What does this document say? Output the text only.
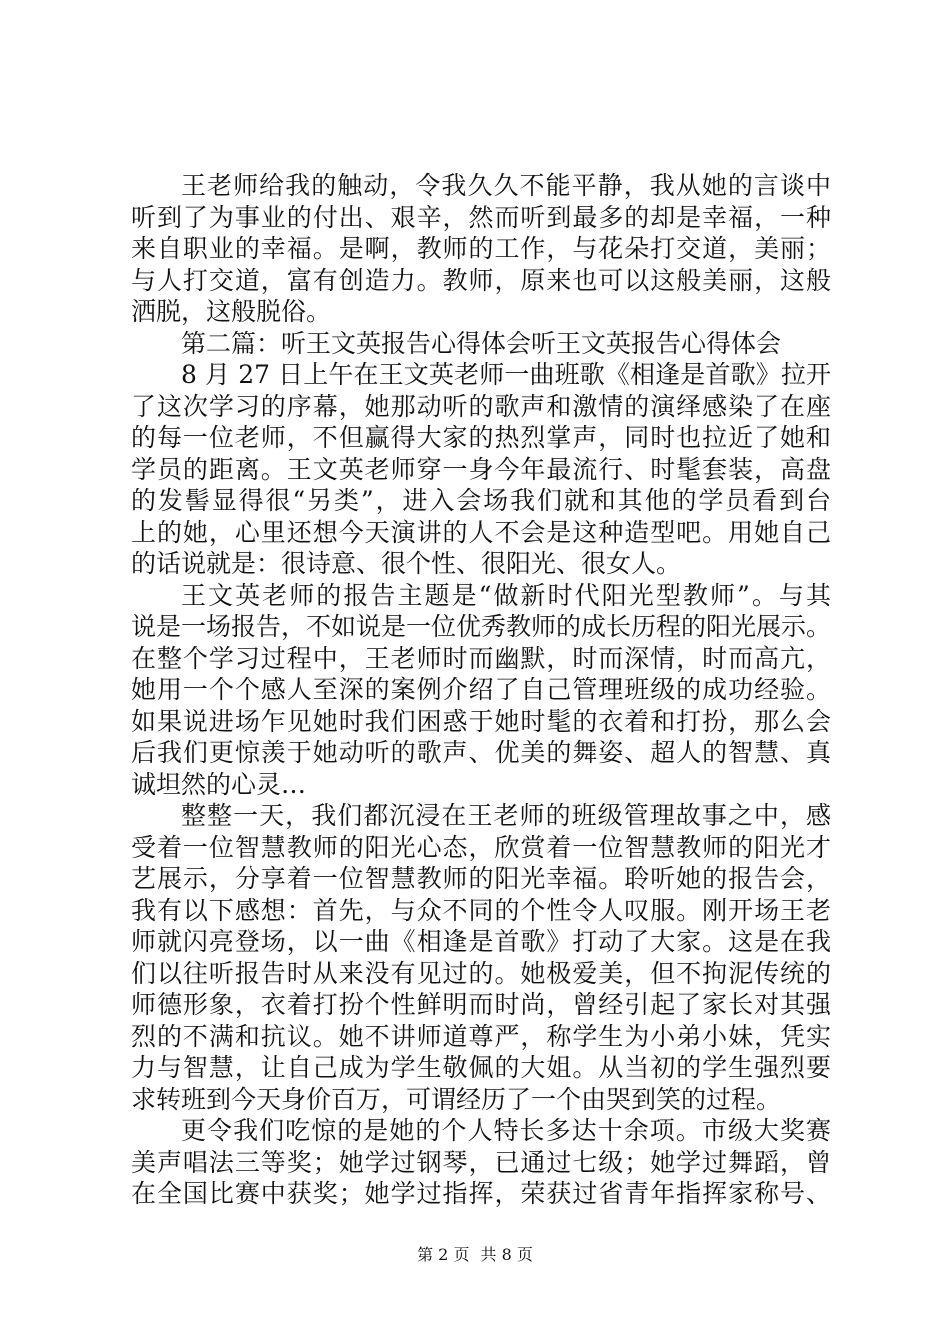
王老师给我的触动，令我久久不能平静，我从她的言谈中
听到了为事业的付出、艰辛，然而听到最多的却是幸福，一种
来自职业的幸福。是啊，教师的工作，与花朵打交道，美丽；
与人打交道，富有创造力。教师，原来也可以这般美丽，这般
洒脱，这般脱俗。
第二篇：听王文英报告心得体会听王文英报告心得体会
8 月 27 日上午在王文英老师一曲班歌《相逢是首歌》拉开
了这次学习的序幕，她那动听的歌声和激情的演绎感染了在座
的每一位老师，不但赢得大家的热烈掌声，同时也拉近了她和
学员的距离。王文英老师穿一身今年最流行、时髦套装，高盘
的发髻显得很“另类”，进入会场我们就和其他的学员看到台
上的她，心里还想今天演讲的人不会是这种造型吧。用她自己
的话说就是：很诗意、很个性、很阳光、很女人。
王文英老师的报告主题是“做新时代阳光型教师”。与其
说是一场报告，不如说是一位优秀教师的成长历程的阳光展示。
在整个学习过程中，王老师时而幽默，时而深情，时而高亢，
她用一个个感人至深的案例介绍了自己管理班级的成功经验。
如果说进场乍见她时我们困惑于她时髦的衣着和打扮，那么会
后我们更惊羡于她动听的歌声、优美的舞姿、超人的智慧、真
诚坦然的心灵…
整整一天，我们都沉浸在王老师的班级管理故事之中，感
受着一位智慧教师的阳光心态，欣赏着一位智慧教师的阳光才
艺展示，分享着一位智慧教师的阳光幸福。聆听她的报告会，
我有以下感想：首先，与众不同的个性令人叹服。刚开场王老
师就闪亮登场，以一曲《相逢是首歌》打动了大家。这是在我
们以往听报告时从来没有见过的。她极爱美，但不拘泥传统的
师德形象，衣着打扮个性鲜明而时尚，曾经引起了家长对其强
烈的不满和抗议。她不讲师道尊严，称学生为小弟小妹，凭实
力与智慧，让自己成为学生敬佩的大姐。从当初的学生强烈要
求转班到今天身价百万，可谓经历了一个由哭到笑的过程。
更令我们吃惊的是她的个人特长多达十余项。市级大奖赛
美声唱法三等奖；她学过钢琴，已通过七级；她学过舞蹈，曾
在全国比赛中获奖；她学过指挥，荣获过省青年指挥家称号、
第 2 页 共 8 页
